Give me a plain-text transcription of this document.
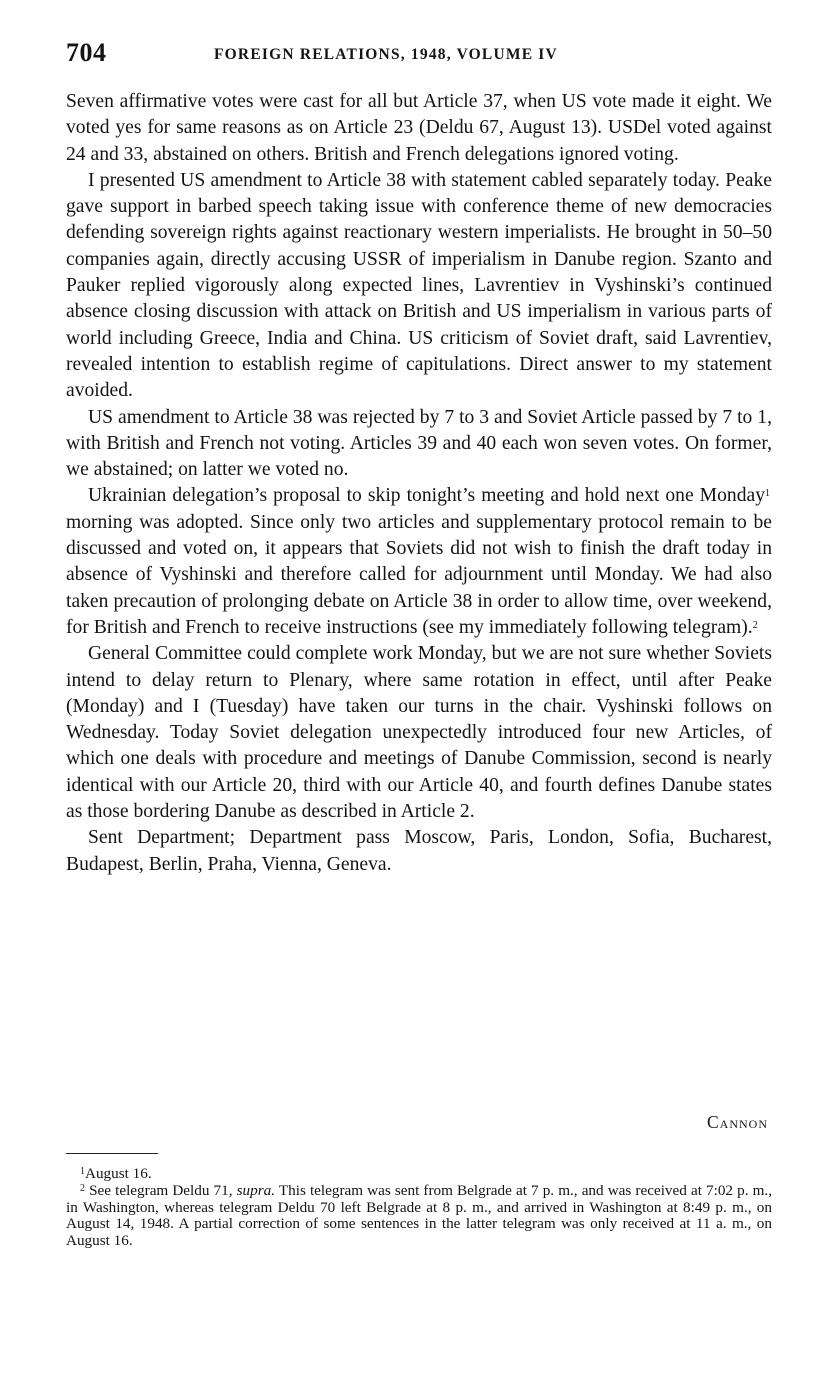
704	FOREIGN RELATIONS, 1948, VOLUME IV

Seven affirmative votes were cast for all but Article 37, when US vote made it eight. We voted yes for same reasons as on Article 23 (Deldu 67, August 13). USDel voted against 24 and 33, abstained on others. British and French delegations ignored voting.

I presented US amendment to Article 38 with statement cabled separately today. Peake gave support in barbed speech taking issue with conference theme of new democracies defending sovereign rights against reactionary western imperialists. He brought in 50–50 companies again, directly accusing USSR of imperialism in Danube region. Szanto and Pauker replied vigorously along expected lines, Lavrentiev in Vyshinski’s continued absence closing discussion with attack on British and US imperialism in various parts of world including Greece, India and China. US criticism of Soviet draft, said Lavrentiev, revealed intention to establish regime of capitulations. Direct answer to my statement avoided.

US amendment to Article 38 was rejected by 7 to 3 and Soviet Article passed by 7 to 1, with British and French not voting. Articles 39 and 40 each won seven votes. On former, we abstained; on latter we voted no.

Ukrainian delegation’s proposal to skip tonight’s meeting and hold next one Monday$^1$ morning was adopted. Since only two articles and supplementary protocol remain to be discussed and voted on, it appears that Soviets did not wish to finish the draft today in absence of Vyshinski and therefore called for adjournment until Monday. We had also taken precaution of prolonging debate on Article 38 in order to allow time, over weekend, for British and French to receive instructions (see my immediately following telegram).$^2$

General Committee could complete work Monday, but we are not sure whether Soviets intend to delay return to Plenary, where same rotation in effect, until after Peake (Monday) and I (Tuesday) have taken our turns in the chair. Vyshinski follows on Wednesday. Today Soviet delegation unexpectedly introduced four new Articles, of which one deals with procedure and meetings of Danube Commission, second is nearly identical with our Article 20, third with our Article 40, and fourth defines Danube states as those bordering Danube as described in Article 2.

Sent Department; Department pass Moscow, Paris, London, Sofia, Bucharest, Budapest, Berlin, Praha, Vienna, Geneva.

Cannon

$^1$August 16.

$^2$ See telegram Deldu 71, supra. This telegram was sent from Belgrade at 7 p. m., and was received at 7:02 p. m., in Washington, whereas telegram Deldu 70 left Belgrade at 8 p. m., and arrived in Washington at 8:49 p. m., on August 14, 1948. A partial correction of some sentences in the latter telegram was only received at 11 a. m., on August 16.
